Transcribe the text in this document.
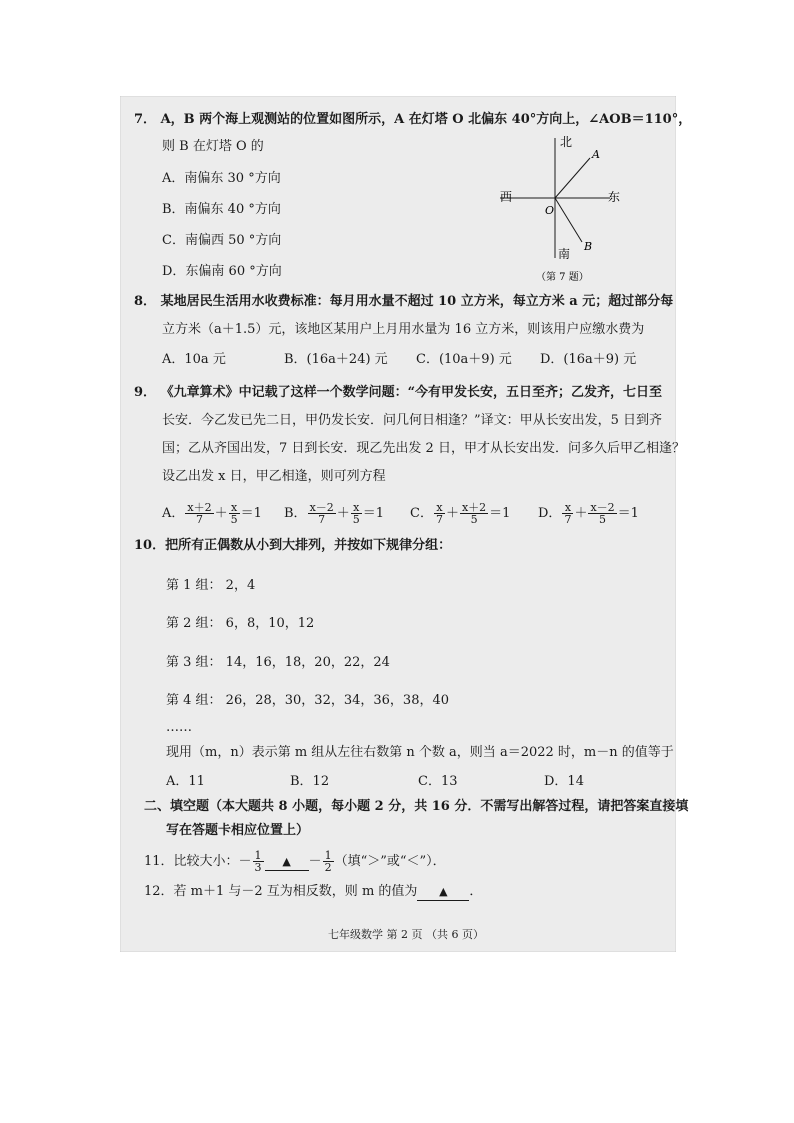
7． A，B 两个海上观测站的位置如图所示，A 在灯塔 O 北偏东 40°方向上，∠AOB＝110°，
则 B 在灯塔 O 的
A．南偏东 30 °方向
B．南偏东 40 °方向
C．南偏西 50 °方向
D．东偏南 60 °方向
北
A
西	东
O
B
南
（第 7 题）
8． 某地居民生活用水收费标准：每月用水量不超过 10 立方米，每立方米 a 元；超过部分每
立方米（a＋1.5）元，该地区某用户上月用水量为 16 立方米，则该用户应缴水费为
A．10a 元	B．(16a＋24) 元 C．(10a＋9) 元 D．(16a＋9) 元
9． 《九章算术》中记载了这样一个数学问题：“今有甲发长安，五日至齐；乙发齐，七日至
长安．今乙发已先二日，甲仍发长安．问几何日相逢？”译文：甲从长安出发，5 日到齐
国；乙从齐国出发，7 日到长安．现乙先出发 2 日，甲才从长安出发．问多久后甲乙相逢？
设乙出发 x 日，甲乙相逢，则可列方程
A． $\frac{x+2}{7} + \frac{x}{5} =1$ B． $\frac{x-2}{7} + \frac{x}{5} =1$ C． $\frac{x}{7} + \frac{x+2}{5} =1$ D． $\frac{x}{7} + \frac{x-2}{5} =1$
10．把所有正偶数从小到大排列，并按如下规律分组：
第 1 组： 2，4
第 2 组： 6，8，10，12
第 3 组： 14，16，18，20，22，24
第 4 组： 26，28，30，32，34，36，38，40
……
现用（m，n）表示第 m 组从左往右数第 n 个数 a，则当 a＝2022 时，m－n 的值等于
A．11	B．12	C．13	D．14
二、填空题（本大题共 8 小题，每小题 2 分，共 16 分．不需写出解答过程，请把答案直接填
写在答题卡相应位置上）
11．比较大小：－ $\frac{1}{3}$ ▲ － $\frac{1}{2}$ （填“＞”或“＜”）．
12．若 m＋1 与－2 互为相反数，则 m 的值为 ▲ ．
七年级数学 第 2 页 （共 6 页）
